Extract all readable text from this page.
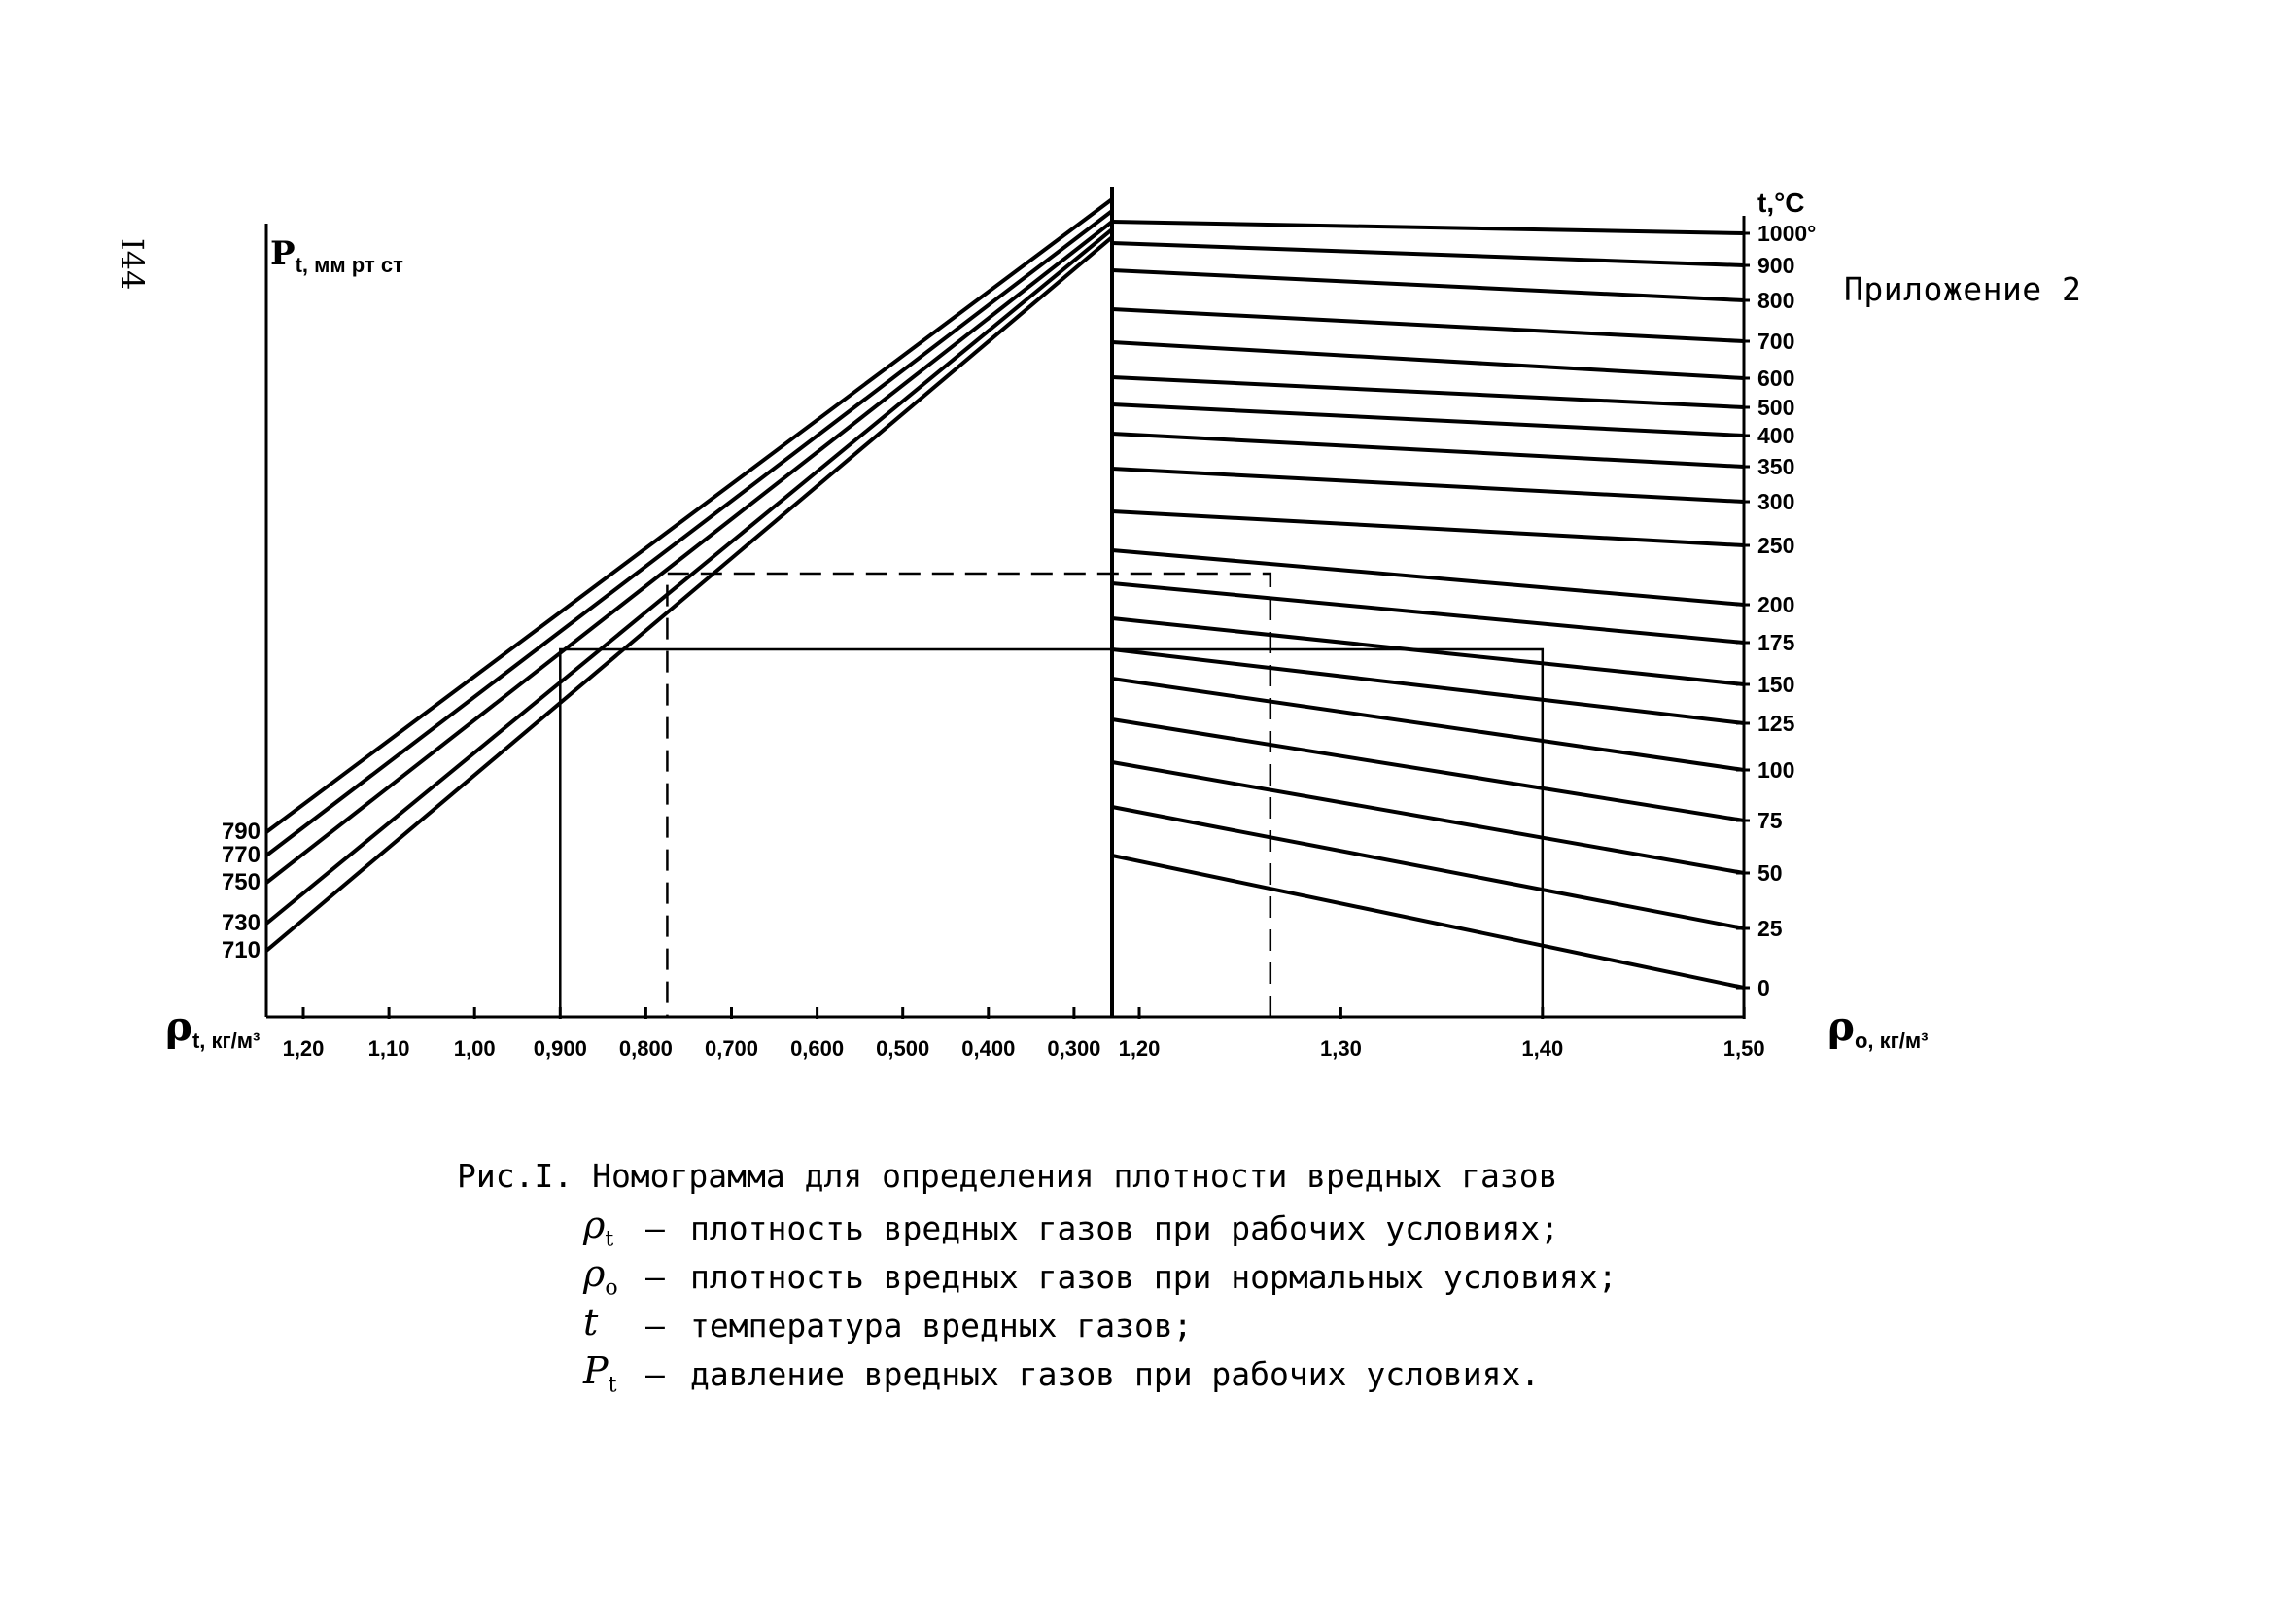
I44	Приложение 2
1,20 1,10 1,00 0,900 0,800 0,700 0,600 0,500 0,400 0,300 1,20	1,30	1,40	1,50
790
770
750
730
710
1000°
900
800
700
600
500
400
350
300
250
200
175
150
125
100
75
50
25
0
$P_t$, мм рт ст
ρt, кг/м³	ρo, кг/м³
t,°C
Рис.I. Номограмма для определения плотности вредных газов
$\rho_t$ – плотность вредных газов при рабочих условиях;
$\rho_o$ – плотность вредных газов при нормальных условиях;
t	– температура вредных газов;
$P_t$ – давление вредных газов при рабочих условиях.
